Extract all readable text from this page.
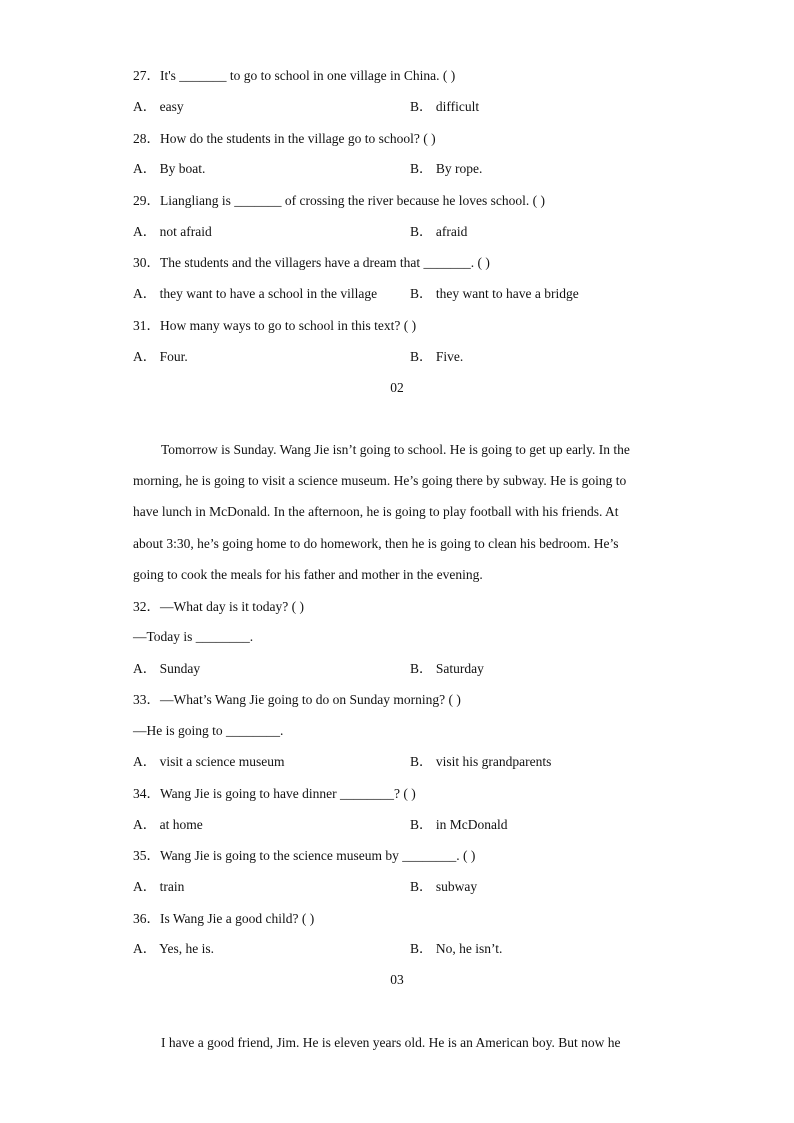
27．It's _______ to go to school in one village in China. ( )
A． easy	B． difficult
28．How do the students in the village go to school? ( )
A． By boat.	B． By rope.
29．Liangliang is _______ of crossing the river because he loves school. ( )
A． not afraid	B． afraid
30．The students and the villagers have a dream that _______. ( )
A． they want to have a school in the village B． they want to have a bridge
31．How many ways to go to school in this text? ( )
A． Four.	B． Five.
02
Tomorrow is Sunday. Wang Jie isn’t going to school. He is going to get up early. In the
morning, he is going to visit a science museum. He’s going there by subway. He is going to
have lunch in McDonald. In the afternoon, he is going to play football with his friends. At
about 3:30, he’s going home to do homework, then he is going to clean his bedroom. He’s
going to cook the meals for his father and mother in the evening.
32．—What day is it today? ( )
—Today is ________.
A． Sunday	B． Saturday
33．—What’s Wang Jie going to do on Sunday morning? ( )
—He is going to ________.
A． visit a science museum	B． visit his grandparents
34．Wang Jie is going to have dinner ________? ( )
A． at home	B． in McDonald
35．Wang Jie is going to the science museum by ________. ( )
A． train	B． subway
36．Is Wang Jie a good child? ( )
A． Yes, he is.	B． No, he isn’t.
03
I have a good friend, Jim. He is eleven years old. He is an American boy. But now he
